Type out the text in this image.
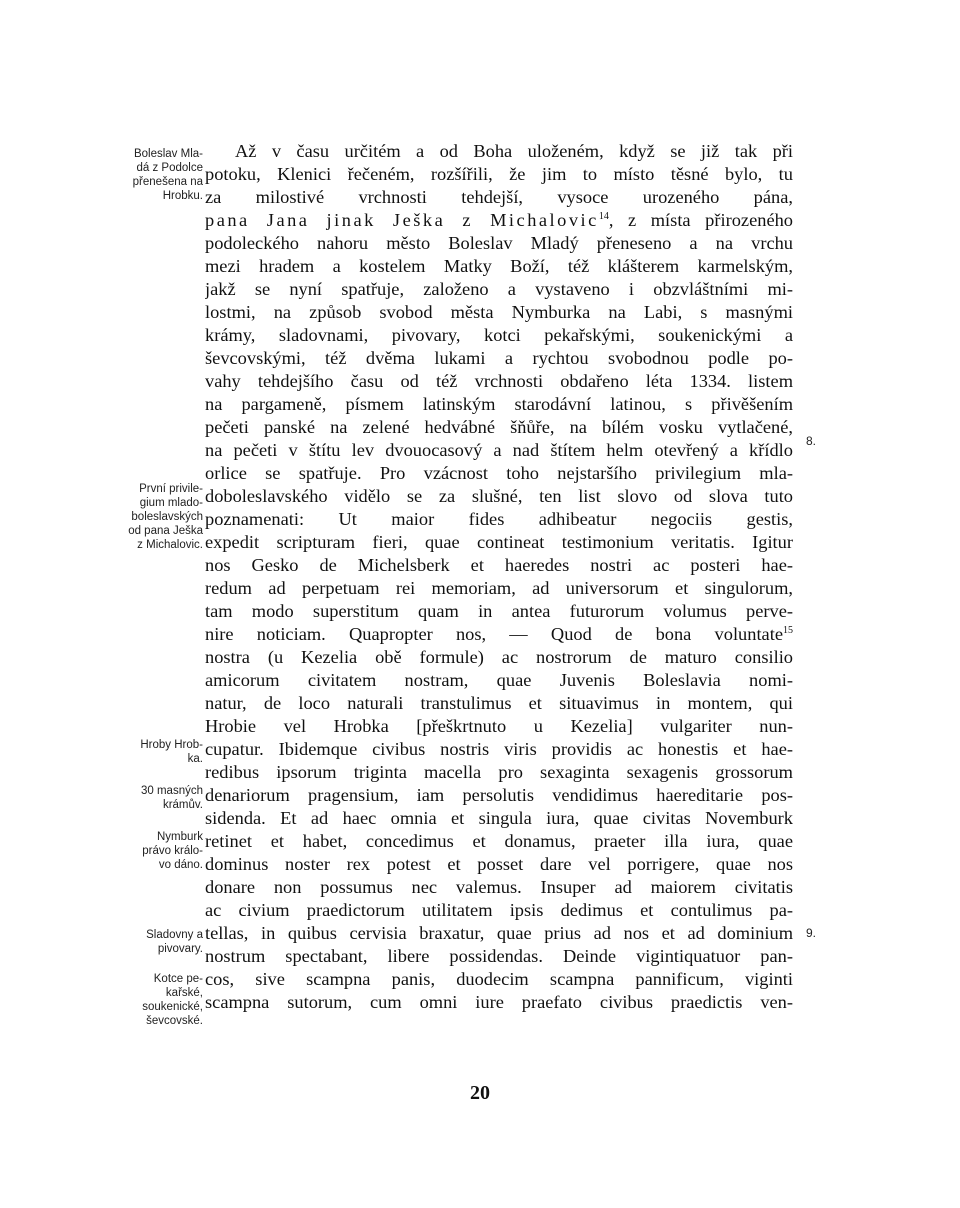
Boleslav Mla-
dá z Podolce
přenešena na
Hrobku.
První privile-
gium mlado-
boleslavských
od pana Ješka
z Michalovic.
Hroby Hrob-
ka.
30 masných
krámův.
Nymburk
právo králo-
vo dáno.
Sladovny a
pivovary.
Kotce pe-
kařské,
soukenické,
ševcovské.
8.
9.
Až v času určitém a od Boha uloženém, když se již tak při
potoku, Klenici řečeném, rozšířili, že jim to místo těsné bylo, tu
za milostivé vrchnosti tehdejší, vysoce urozeného pána,
pana Jana jinak Ješka z Michalovic$^{14}$, z místa přirozeného
podoleckého nahoru město Boleslav Mladý přeneseno a na vrchu
mezi hradem a kostelem Matky Boží, též klášterem karmelským,
jakž se nyní spatřuje, založeno a vystaveno i obzvláštními mi-
lostmi, na způsob svobod města Nymburka na Labi, s masnými
krámy, sladovnami, pivovary, kotci pekařskými, soukenickými a
ševcovskými, též dvěma lukami a rychtou svobodnou podle po-
vahy tehdejšího času od též vrchnosti obdařeno léta 1334. listem
na pargameně, písmem latinským starodávní latinou, s přivěšením
pečeti panské na zelené hedvábné šňůře, na bílém vosku vytlačené,
na pečeti v štítu lev dvouocasový a nad štítem helm otevřený a křídlo
orlice se spatřuje. Pro vzácnost toho nejstaršího privilegium mla-
doboleslavského vidělo se za slušné, ten list slovo od slova tuto
poznamenati: Ut maior fides adhibeatur negociis gestis,
expedit scripturam fieri, quae contineat testimonium veritatis. Igitur
nos Gesko de Michelsberk et haeredes nostri ac posteri hae-
redum ad perpetuam rei memoriam, ad universorum et singulorum,
tam modo superstitum quam in antea futurorum volumus perve-
nire noticiam. Quapropter nos, — Quod de bona voluntate$^{15}$
nostra (u Kezelia obě formule) ac nostrorum de maturo consilio
amicorum civitatem nostram, quae Juvenis Boleslavia nomi-
natur, de loco naturali transtulimus et situavimus in montem, qui
Hrobie vel Hrobka [přeškrtnuto u Kezelia] vulgariter nun-
cupatur. Ibidemque civibus nostris viris providis ac honestis et hae-
redibus ipsorum triginta macella pro sexaginta sexagenis grossorum
denariorum pragensium, iam persolutis vendidimus haereditarie pos-
sidenda. Et ad haec omnia et singula iura, quae civitas Novemburk
retinet et habet, concedimus et donamus, praeter illa iura, quae
dominus noster rex potest et posset dare vel porrigere, quae nos
donare non possumus nec valemus. Insuper ad maiorem civitatis
ac civium praedictorum utilitatem ipsis dedimus et contulimus pa-
tellas, in quibus cervisia braxatur, quae prius ad nos et ad dominium
nostrum spectabant, libere possidendas. Deinde vigintiquatuor pan-
cos, sive scampna panis, duodecim scampna pannificum, viginti
scampna sutorum, cum omni iure praefato civibus praedictis ven-
20
